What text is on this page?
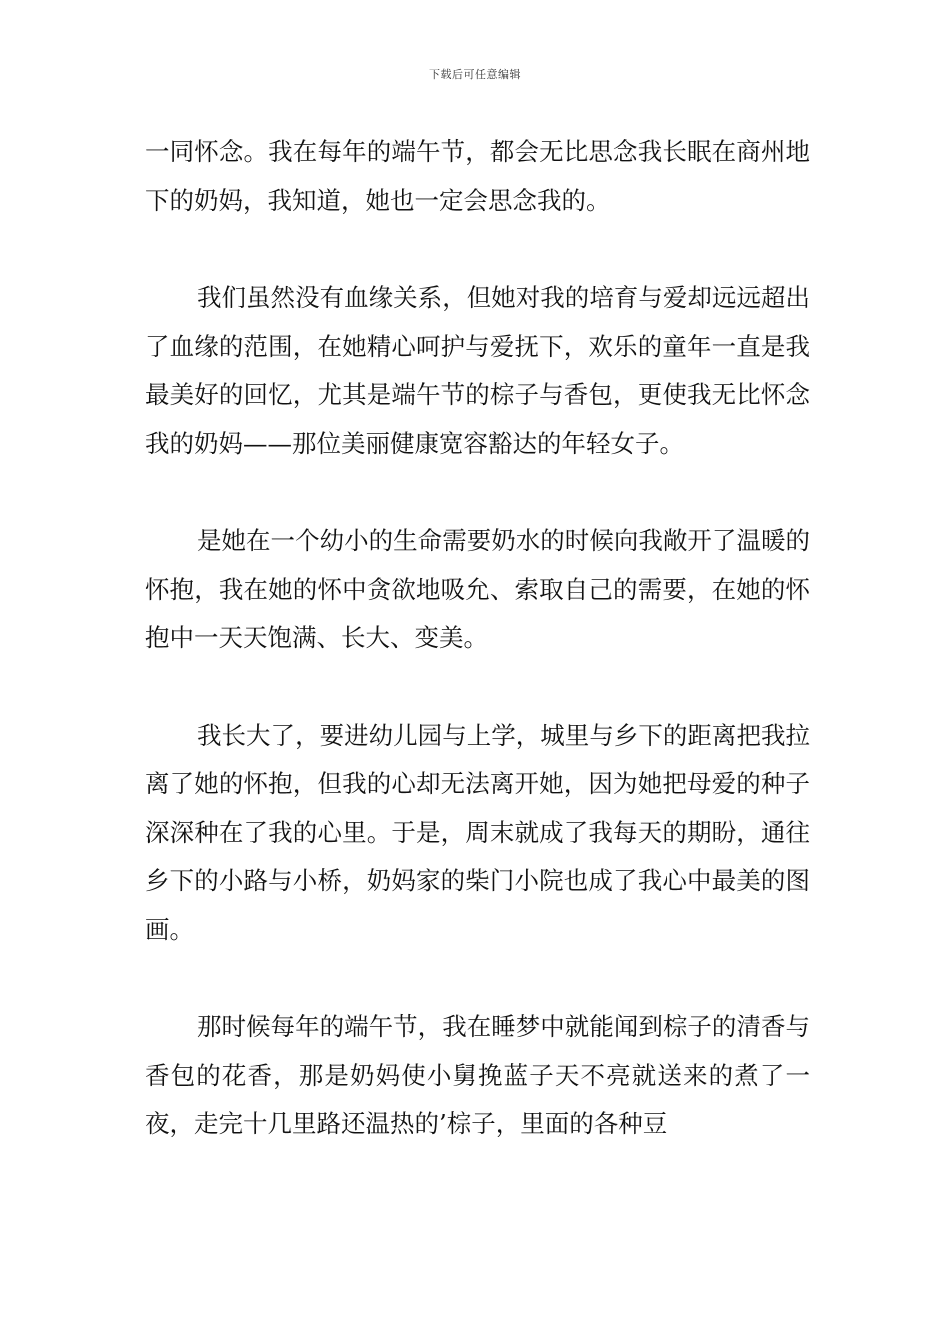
下载后可任意编辑

一同怀念。我在每年的端午节，都会无比思念我长眠在商州地下的奶妈，我知道，她也一定会思念我的。

我们虽然没有血缘关系，但她对我的培育与爱却远远超出了血缘的范围，在她精心呵护与爱抚下，欢乐的童年一直是我最美好的回忆，尤其是端午节的棕子与香包，更使我无比怀念我的奶妈——那位美丽健康宽容豁达的年轻女子。

是她在一个幼小的生命需要奶水的时候向我敞开了温暖的怀抱，我在她的怀中贪欲地吸允、索取自己的需要，在她的怀抱中一天天饱满、长大、变美。

我长大了，要进幼儿园与上学，城里与乡下的距离把我拉离了她的怀抱，但我的心却无法离开她，因为她把母爱的种子深深种在了我的心里。于是，周末就成了我每天的期盼，通往乡下的小路与小桥，奶妈家的柴门小院也成了我心中最美的图画。

那时候每年的端午节，我在睡梦中就能闻到棕子的清香与香包的花香，那是奶妈使小舅挽蓝子天不亮就送来的煮了一夜，走完十几里路还温热的’棕子，里面的各种豆
